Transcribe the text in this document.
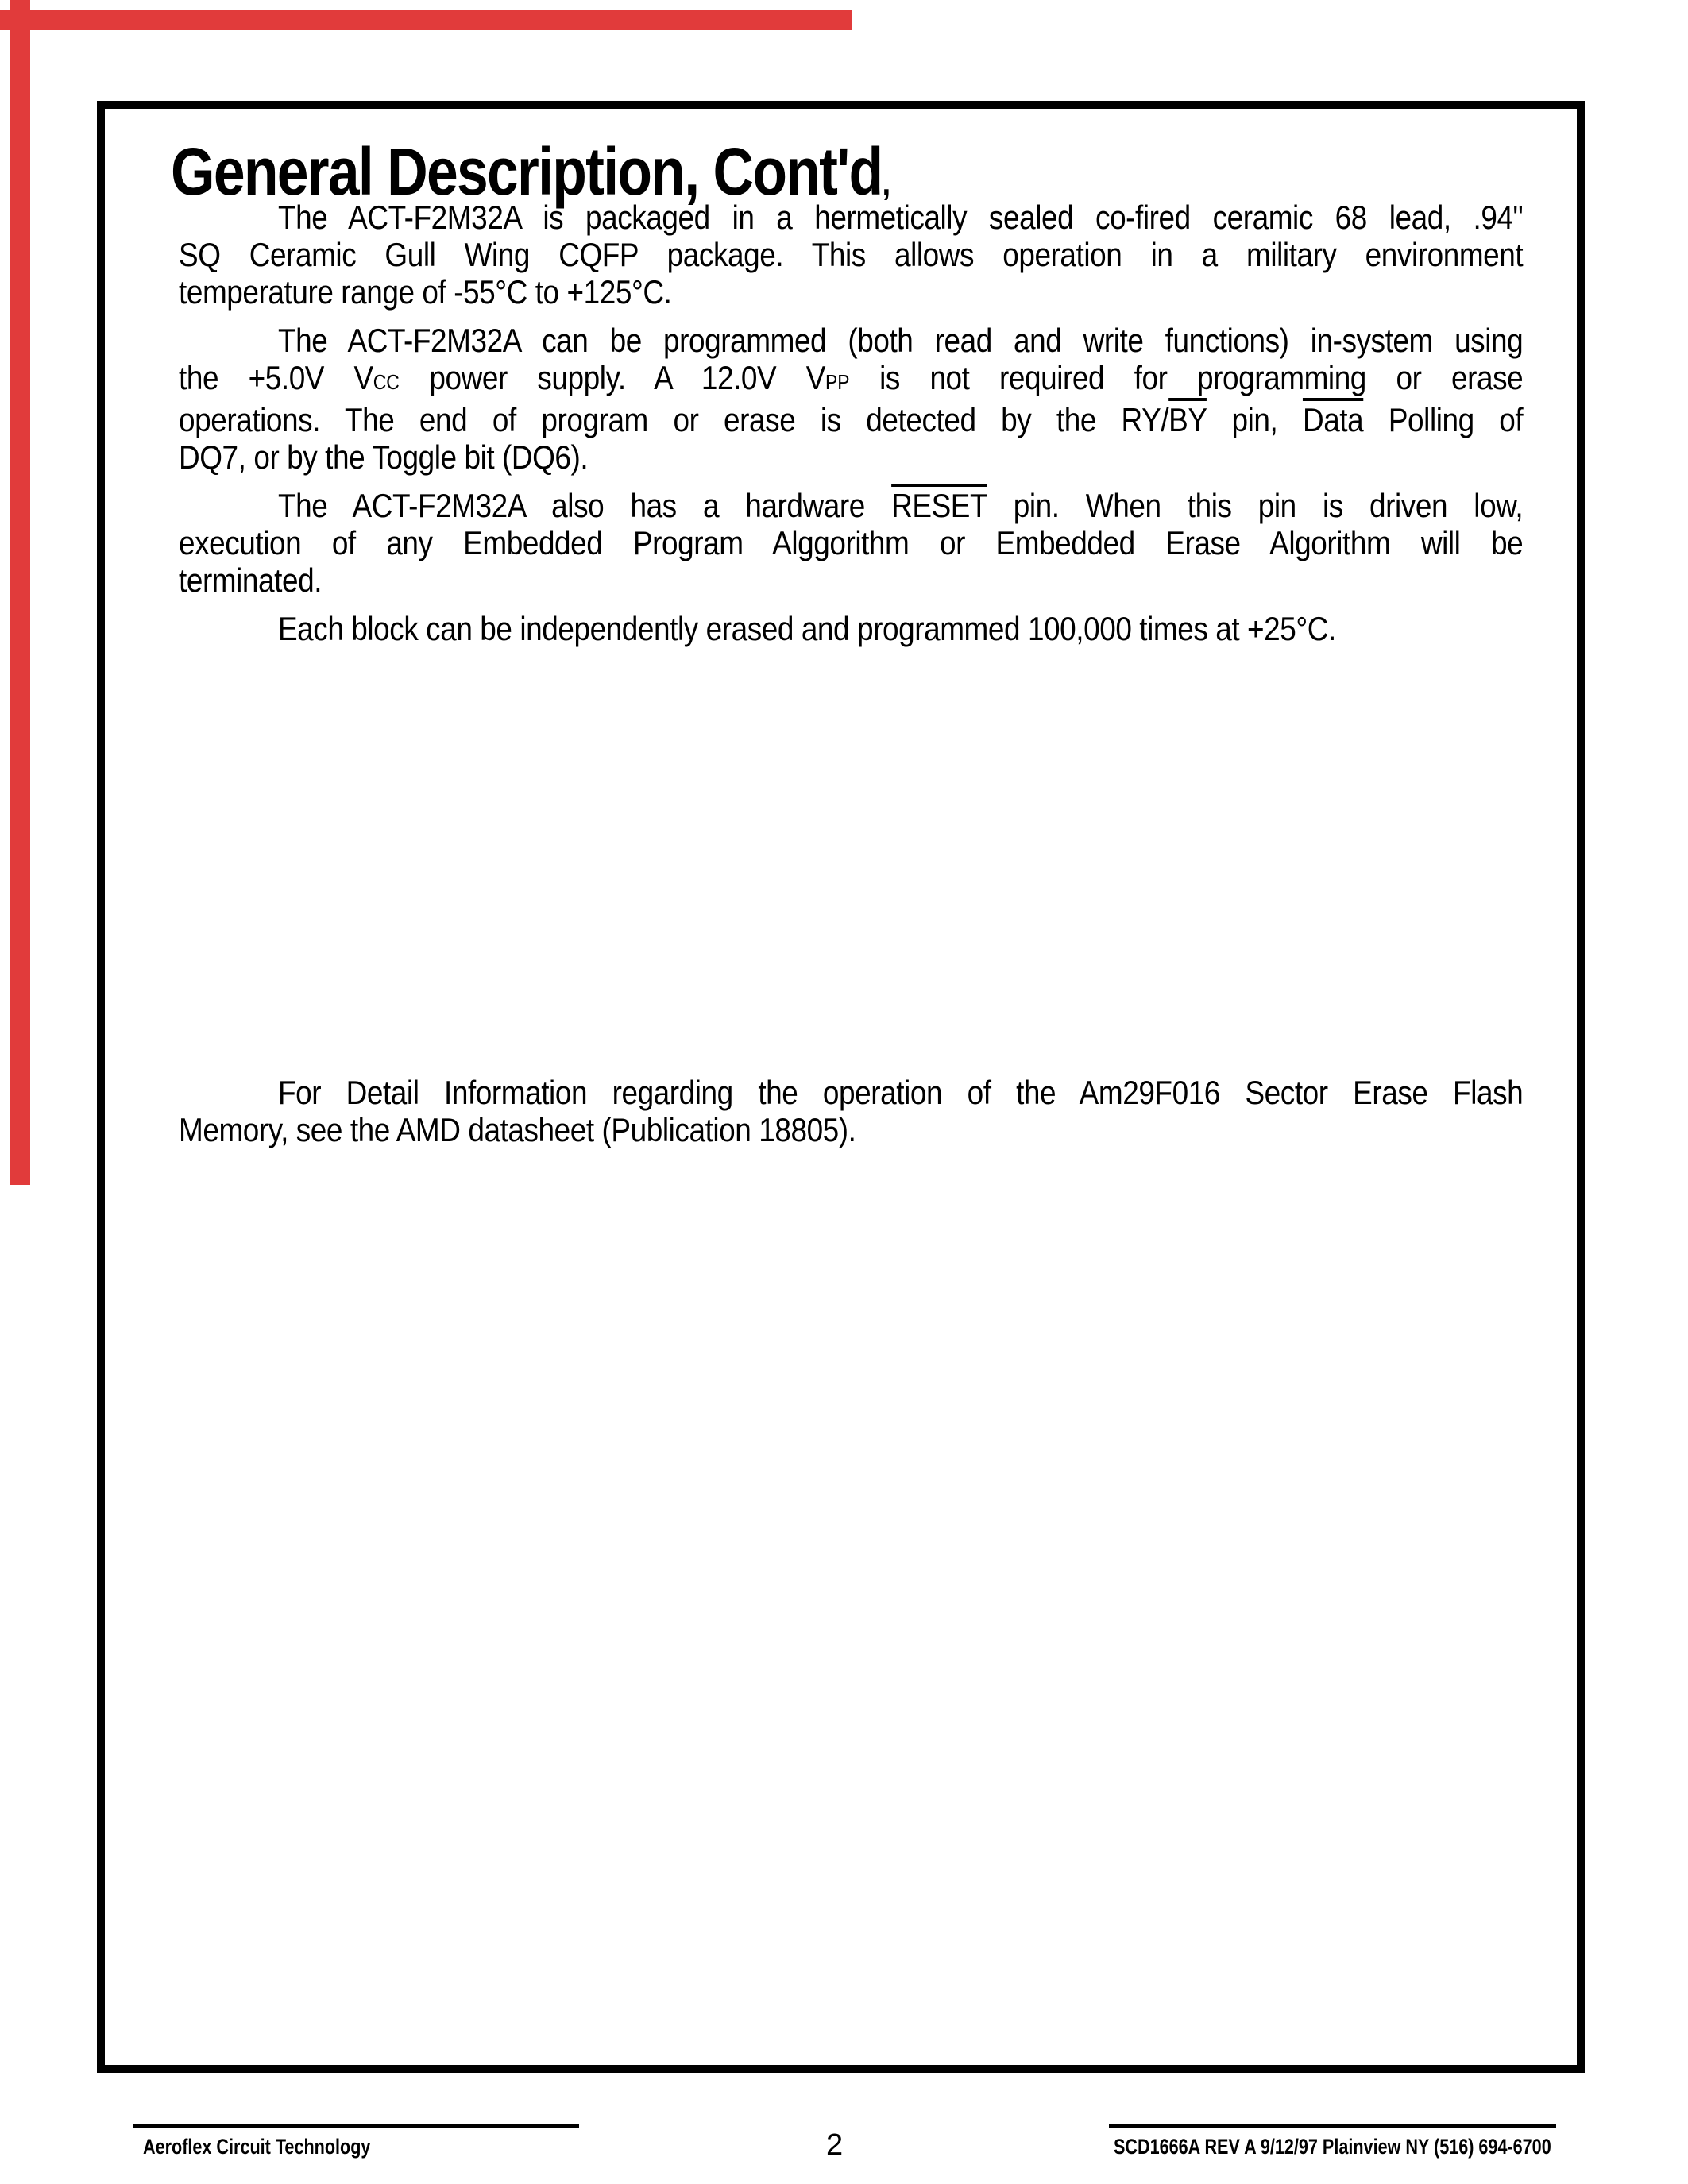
General Description, Cont'd,
The ACT-F2M32A is packaged in a hermetically sealed co-fired ceramic 68 lead, .94"
SQ Ceramic Gull Wing CQFP package. This allows operation in a military environment
temperature range of -55°C to +125°C.
The ACT-F2M32A can be programmed (both read and write functions) in-system using
the +5.0V VCC power supply. A 12.0V VPP is not required for programming or erase
operations. The end of program or erase is detected by the $RY/\overline{BY}$ pin, Data Polling of
DQ7, or by the Toggle bit (DQ6).
The ACT-F2M32A also has a hardware RESET pin. When this pin is driven low,
execution of any Embedded Program Alggorithm or Embedded Erase Algorithm will be
terminated.
Each block can be independently erased and programmed 100,000 times at +25°C.
For Detail Information regarding the operation of the Am29F016 Sector Erase Flash
Memory, see the AMD datasheet (Publication 18805).
Aeroflex Circuit Technology	2	SCD1666A REV A 9/12/97 Plainview NY (516) 694-6700
